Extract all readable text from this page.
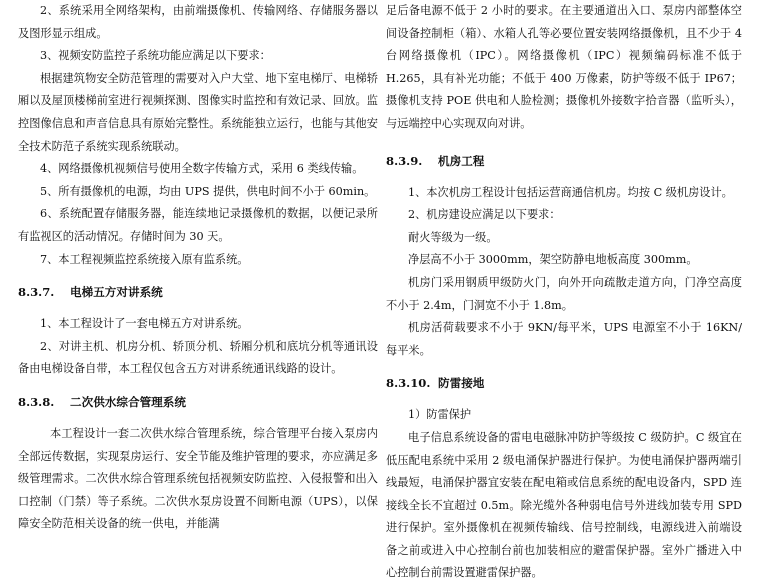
2、系统采用全网络架构，由前端摄像机、传输网络、存储服务器以及图形显示组成。

3、视频安防监控子系统功能应满足以下要求：

根据建筑物安全防范管理的需要对入户大堂、地下室电梯厅、电梯轿厢以及屋顶楼梯前室进行视频探测、图像实时监控和有效记录、回放。监控图像信息和声音信息具有原始完整性。系统能独立运行，也能与其他安全技术防范子系统实现系统联动。

4、网络摄像机视频信号使用全数字传输方式，采用 6 类线传输。

5、所有摄像机的电源，均由 UPS 提供，供电时间不小于 60min。

6、系统配置存储服务器，能连续地记录摄像机的数据，以便记录所有监视区的活动情况。存储时间为 30 天。

7、本工程视频监控系统接入原有监系统。

8.3.7. 电梯五方对讲系统

1、本工程设计了一套电梯五方对讲系统。

2、对讲主机、机房分机、轿顶分机、轿厢分机和底坑分机等通讯设备由电梯设备自带，本工程仅包含五方对讲系统通讯线路的设计。

8.3.8. 二次供水综合管理系统

本工程设计一套二次供水综合管理系统，综合管理平台接入泵房内全部远传数据，实现泵房运行、安全节能及维护管理的要求，亦应满足多级管理需求。二次供水综合管理系统包括视频安防监控、入侵报警和出入口控制（门禁）等子系统。二次供水泵房设置不间断电源（UPS），以保障安全防范相关设备的统一供电，并能满

足后备电源不低于 2 小时的要求。在主要通道出入口、泵房内部整体空间设备控制柜（箱）、水箱人孔等必要位置安装网络摄像机，且不少于 4 台网络摄像机（IPC）。网络摄像机（IPC）视频编码标准不低于 H.265，具有补光功能；不低于 400 万像素，防护等级不低于 IP67；摄像机支持 POE 供电和人脸检测；摄像机外接数字拾音器（监听头），与远端控中心实现双向对讲。

8.3.9. 机房工程

1、本次机房工程设计包括运营商通信机房。均按 C 级机房设计。

2、机房建设应满足以下要求：

耐火等级为一级。

净层高不小于 3000mm，架空防静电地板高度 300mm。

机房门采用钢质甲级防火门，向外开向疏散走道方向，门净空高度不小于 2.4m，门洞宽不小于 1.8m。

机房活荷载要求不小于 9KN/每平米，UPS 电源室不小于 16KN/每平米。

8.3.10. 防雷接地

1）防雷保护

电子信息系统设备的雷电电磁脉冲防护等级按 C 级防护。C 级宜在低压配电系统中采用 2 级电涌保护器进行保护。为使电涌保护器两端引线最短，电涌保护器宜安装在配电箱或信息系统的配电设备内，SPD 连接线全长不宜超过 0.5m。除光缆外各种弱电信号外进线加装专用 SPD 进行保护。室外摄像机在视频传输线、信号控制线，电源线进入前端设备之前或进入中心控制台前也加装相应的避雷保护器。室外广播进入中心控制台前需设置避雷保护器。
